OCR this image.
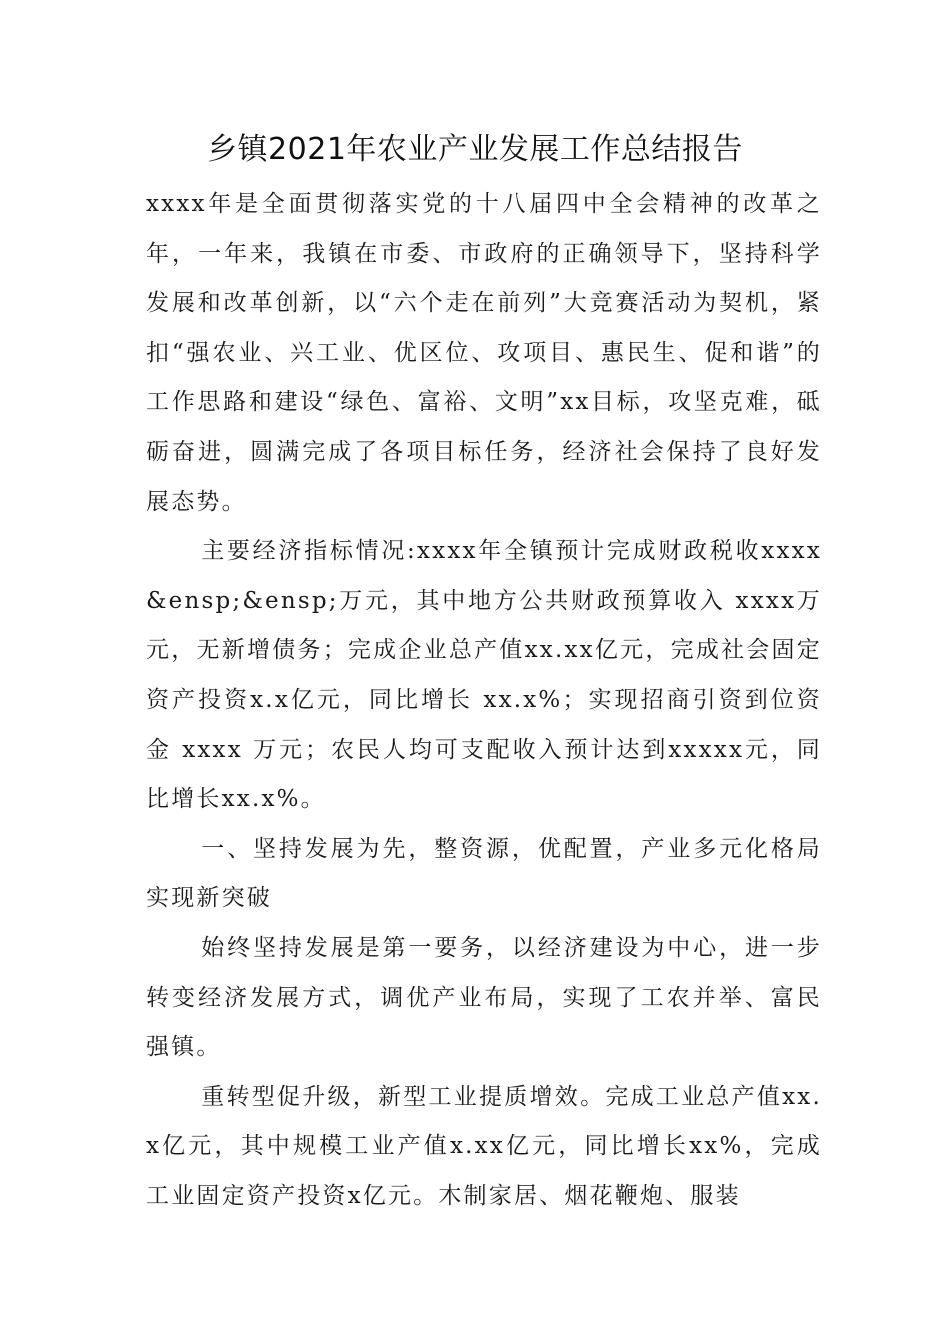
乡镇2021年农业产业发展工作总结报告

xxxx年是全面贯彻落实党的十八届四中全会精神的改革之年，一年来，我镇在市委、市政府的正确领导下，坚持科学发展和改革创新，以“六个走在前列”大竞赛活动为契机，紧扣“强农业、兴工业、优区位、攻项目、惠民生、促和谐”的工作思路和建设“绿色、富裕、文明”xx目标，攻坚克难，砥砺奋进，圆满完成了各项目标任务，经济社会保持了良好发展态势。

主要经济指标情况:xxxx年全镇预计完成财政税收xxxx&ensp;&ensp;万元，其中地方公共财政预算收入 xxxx万元，无新增债务；完成企业总产值xx.xx亿元，完成社会固定资产投资x.x亿元，同比增长 xx.x%；实现招商引资到位资金 xxxx 万元；农民人均可支配收入预计达到xxxxx元，同比增长xx.x%。

一、坚持发展为先，整资源，优配置，产业多元化格局实现新突破

始终坚持发展是第一要务，以经济建设为中心，进一步转变经济发展方式，调优产业布局，实现了工农并举、富民强镇。

重转型促升级，新型工业提质增效。完成工业总产值xx.x亿元，其中规模工业产值x.xx亿元，同比增长xx%，完成工业固定资产投资x亿元。木制家居、烟花鞭炮、服装
